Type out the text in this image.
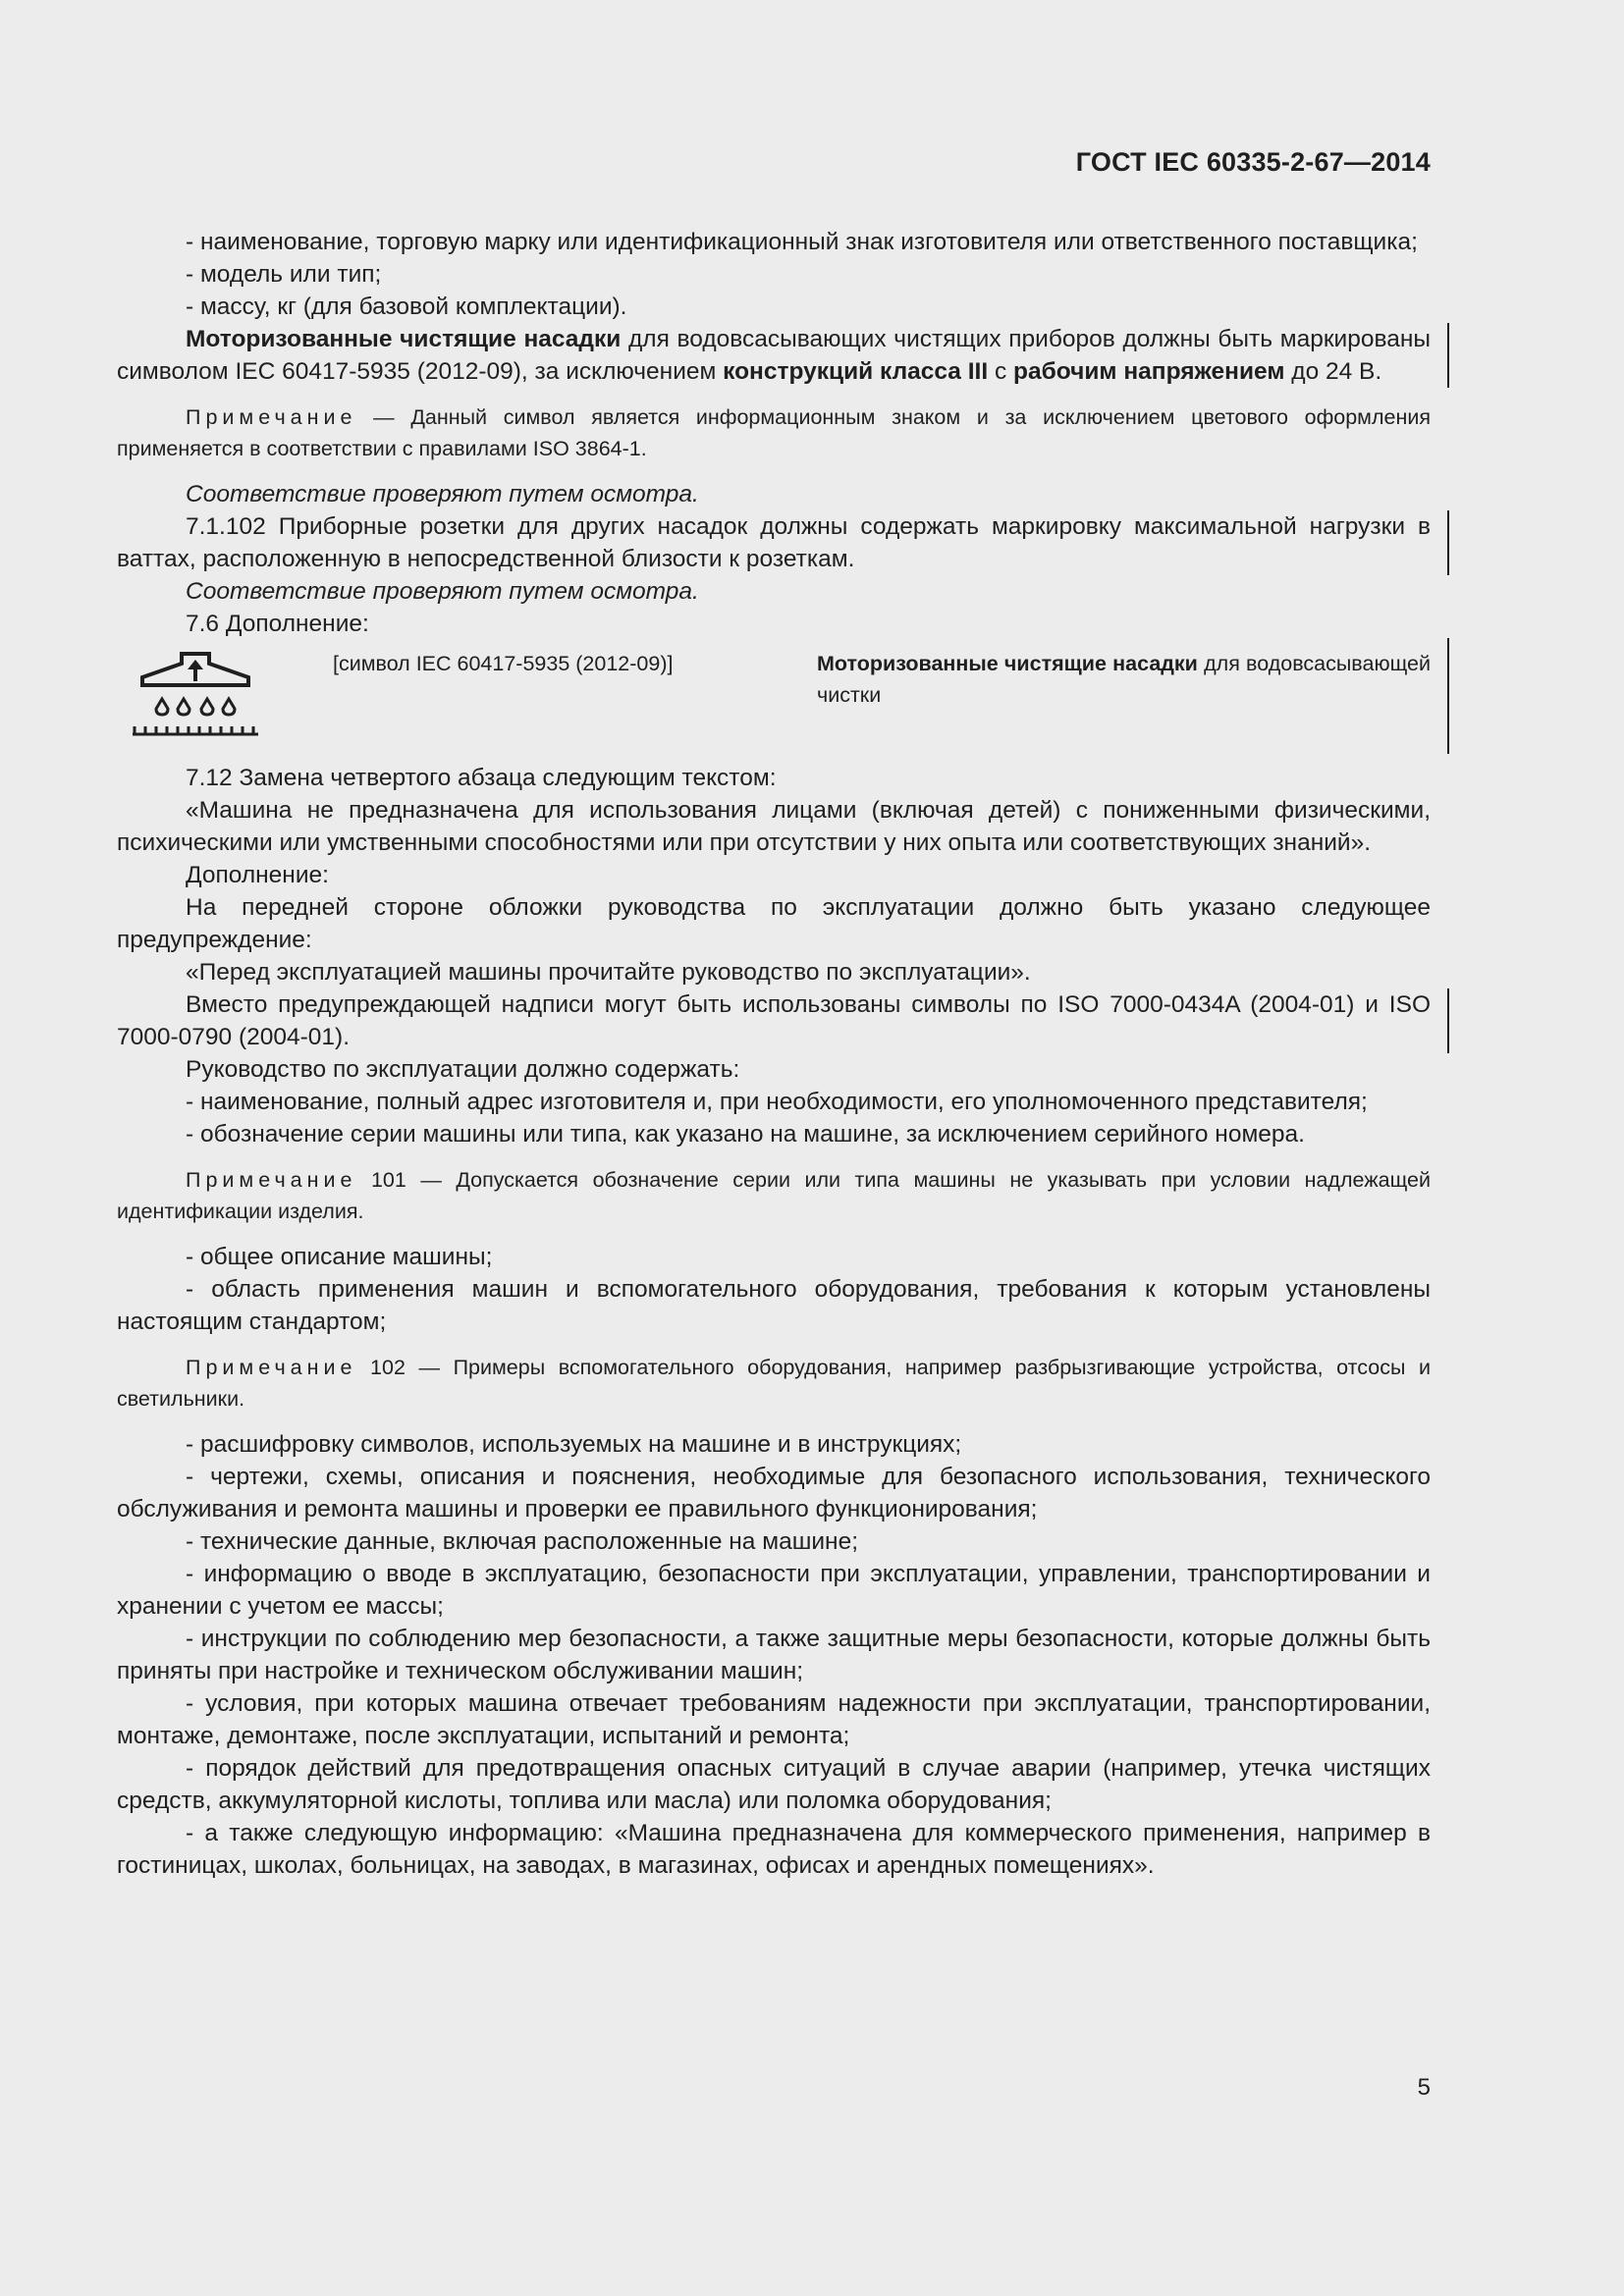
ГОСТ IEC 60335-2-67—2014

- наименование, торговую марку или идентификационный знак изготовителя или ответственного поставщика;

- модель или тип;

- массу, кг (для базовой комплектации).

Моторизованные чистящие насадки для водовсасывающих чистящих приборов должны быть маркированы символом IEC 60417-5935 (2012-09), за исключением конструкций класса III с рабочим напряжением до 24 В.

Примечание — Данный символ является информационным знаком и за исключением цветового оформления применяется в соответствии с правилами ISO 3864-1.

Соответствие проверяют путем осмотра.

7.1.102 Приборные розетки для других насадок должны содержать маркировку максимальной нагрузки в ваттах, расположенную в непосредственной близости к розеткам.

Соответствие проверяют путем осмотра.

7.6 Дополнение:

[символ IEC 60417-5935 (2012-09)]	Моторизованные чистящие насадки для водовсасывающей чистки

7.12 Замена четвертого абзаца следующим текстом:

«Машина не предназначена для использования лицами (включая детей) с пониженными физическими, психическими или умственными способностями или при отсутствии у них опыта или соответствующих знаний».

Дополнение:

На передней стороне обложки руководства по эксплуатации должно быть указано следующее предупреждение:

«Перед эксплуатацией машины прочитайте руководство по эксплуатации».

Вместо предупреждающей надписи могут быть использованы символы по ISO 7000-0434A (2004-01) и ISO 7000-0790 (2004-01).

Руководство по эксплуатации должно содержать:

- наименование, полный адрес изготовителя и, при необходимости, его уполномоченного представителя;

- обозначение серии машины или типа, как указано на машине, за исключением серийного номера.

Примечание 101 — Допускается обозначение серии или типа машины не указывать при условии надлежащей идентификации изделия.

- общее описание машины;

- область применения машин и вспомогательного оборудования, требования к которым установлены настоящим стандартом;

Примечание 102 — Примеры вспомогательного оборудования, например разбрызгивающие устройства, отсосы и светильники.

- расшифровку символов, используемых на машине и в инструкциях;

- чертежи, схемы, описания и пояснения, необходимые для безопасного использования, технического обслуживания и ремонта машины и проверки ее правильного функционирования;

- технические данные, включая расположенные на машине;

- информацию о вводе в эксплуатацию, безопасности при эксплуатации, управлении, транспортировании и хранении с учетом ее массы;

- инструкции по соблюдению мер безопасности, а также защитные меры безопасности, которые должны быть приняты при настройке и техническом обслуживании машин;

- условия, при которых машина отвечает требованиям надежности при эксплуатации, транспортировании, монтаже, демонтаже, после эксплуатации, испытаний и ремонта;

- порядок действий для предотвращения опасных ситуаций в случае аварии (например, утечка чистящих средств, аккумуляторной кислоты, топлива или масла) или поломка оборудования;

- а также следующую информацию: «Машина предназначена для коммерческого применения, например в гостиницах, школах, больницах, на заводах, в магазинах, офисах и арендных помещениях».

5
